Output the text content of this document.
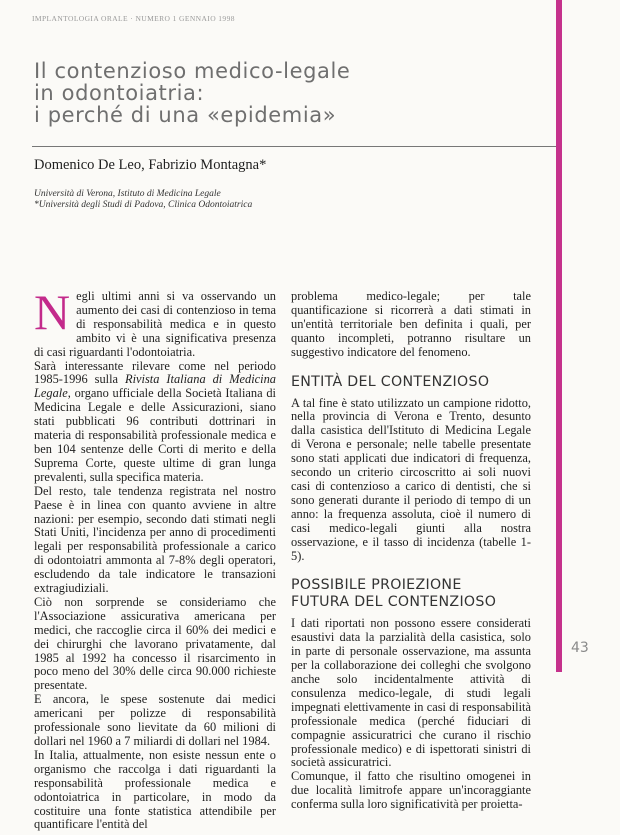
IMPLANTOLOGIA ORALE · NUMERO 1 GENNAIO 1998
Il contenzioso medico-legale
in odontoiatria:
i perché di una «epidemia»
Domenico De Leo, Fabrizio Montagna*
Università di Verona, Istituto di Medicina Legale
*Università degli Studi di Padova, Clinica Odontoiatrica

Negli ultimi anni si va osservando un aumento dei casi di contenzioso in tema di responsabilità medica e in questo ambito vi è una significativa presenza di casi riguardanti l'odontoiatria.

Sarà interessante rilevare come nel periodo 1985-1996 sulla Rivista Italiana di Medicina Legale, organo ufficiale della Società Italiana di Medicina Legale e delle Assicurazioni, siano stati pubblicati 96 contributi dottrinari in materia di responsabilità professionale medica e ben 104 sentenze delle Corti di merito e della Suprema Corte, queste ultime di gran lunga prevalenti, sulla specifica materia.

Del resto, tale tendenza registrata nel nostro Paese è in linea con quanto avviene in altre nazioni: per esempio, secondo dati stimati negli Stati Uniti, l'incidenza per anno di procedimenti legali per responsabilità professionale a carico di odontoiatri ammonta al 7-8% degli operatori, escludendo da tale indicatore le transazioni extragiudiziali.

Ciò non sorprende se consideriamo che l'Associazione assicurativa americana per medici, che raccoglie circa il 60% dei medici e dei chirurghi che lavorano privatamente, dal 1985 al 1992 ha concesso il risarcimento in poco meno del 30% delle circa 90.000 richieste presentate.

E ancora, le spese sostenute dai medici americani per polizze di responsabilità professionale sono lievitate da 60 milioni di dollari nel 1960 a 7 miliardi di dollari nel 1984.

In Italia, attualmente, non esiste nessun ente o organismo che raccolga i dati riguardanti la responsabilità professionale medica e odontoiatrica in particolare, in modo da costituire una fonte statistica attendibile per quantificare l'entità del

problema medico-legale; per tale quantificazione si ricorrerà a dati stimati in un'entità territoriale ben definita i quali, per quanto incompleti, potranno risultare un suggestivo indicatore del fenomeno.

ENTITÀ DEL CONTENZIOSO

A tal fine è stato utilizzato un campione ridotto, nella provincia di Verona e Trento, desunto dalla casistica dell'Istituto di Medicina Legale di Verona e personale; nelle tabelle presentate sono stati applicati due indicatori di frequenza, secondo un criterio circoscritto ai soli nuovi casi di contenzioso a carico di dentisti, che si sono generati durante il periodo di tempo di un anno: la frequenza assoluta, cioè il numero di casi medico-legali giunti alla nostra osservazione, e il tasso di incidenza (tabelle 1-5).

POSSIBILE PROIEZIONE
FUTURA DEL CONTENZIOSO

I dati riportati non possono essere considerati esaustivi data la parzialità della casistica, solo in parte di personale osservazione, ma assunta per la collaborazione dei colleghi che svolgono anche solo incidentalmente attività di consulenza medico-legale, di studi legali impegnati elettivamente in casi di responsabilità professionale medica (perché fiduciari di compagnie assicuratrici che curano il rischio professionale medico) e di ispettorati sinistri di società assicuratrici.

Comunque, il fatto che risultino omogenei in due località limitrofe appare un'incoraggiante conferma sulla loro significatività per proietta-

43
